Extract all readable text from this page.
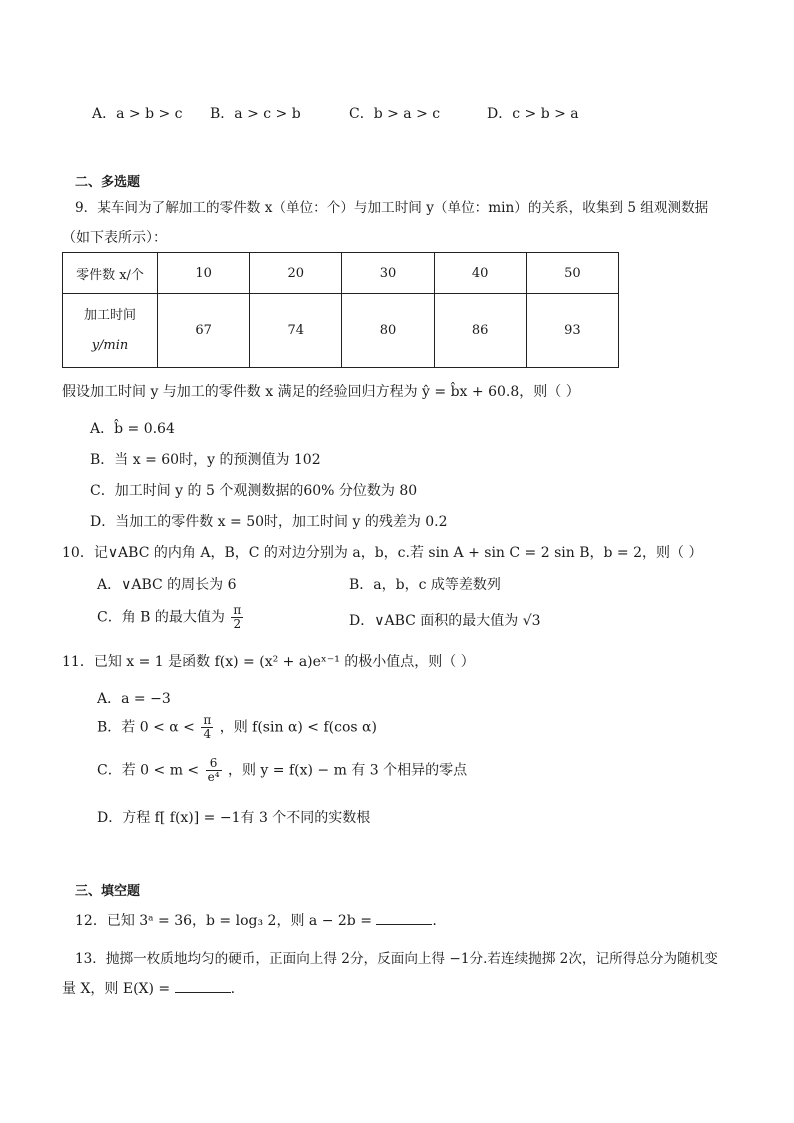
A．a > b > c B．a > c > b	C．b > a > c	D．c > b > a
二、多选题
9．某车间为了解加工的零件数 x（单位：个）与加工时间 y（单位：min）的关系，收集到 5 组观测数据
（如下表所示）：
零件数 x/个	10	20	30	40	50

加工时间
y/min	67	74	80	86	93
假设加工时间 y 与加工的零件数 x 满足的经验回归方程为 ŷ = b̂x + 60.8，则（ ）
A．b̂ = 0.64
B．当 x = 60时，y 的预测值为 102
C．加工时间 y 的 5 个观测数据的60% 分位数为 80
D．当加工的零件数 x = 50时，加工时间 y 的残差为 0.2
10．记∨ABC 的内角 A，B，C 的对边分别为 a，b，c.若 sin A + sin C = 2 sin B，b = 2，则（ ）
A．∨ABC 的周长为 6	B．a，b，c 成等差数列
C．角 B 的最大值为 $\frac{\pi}{2}$	D．∨ABC 面积的最大值为 √3
11．已知 x = 1 是函数 f(x) = (x² + a)eˣ⁻¹ 的极小值点，则（ ）
A．a = −3
B．若 $0 < \alpha < \frac{\pi}{4}$ ，则 f(sin α) < f(cos α)
C．若 $0 < m < \frac{6}{\text{e⁴}}$ ，则 y = f(x) − m 有 3 个相异的零点
D．方程 f[ f(x)] = −1有 3 个不同的实数根
三、填空题
12．已知 3ᵃ = 36，b = log₃ 2，则 a − 2b =	.
13．抛掷一枚质地均匀的硬币，正面向上得 2分，反面向上得 −1分.若连续抛掷 2次，记所得总分为随机变
量 X，则 E(X) =	.
